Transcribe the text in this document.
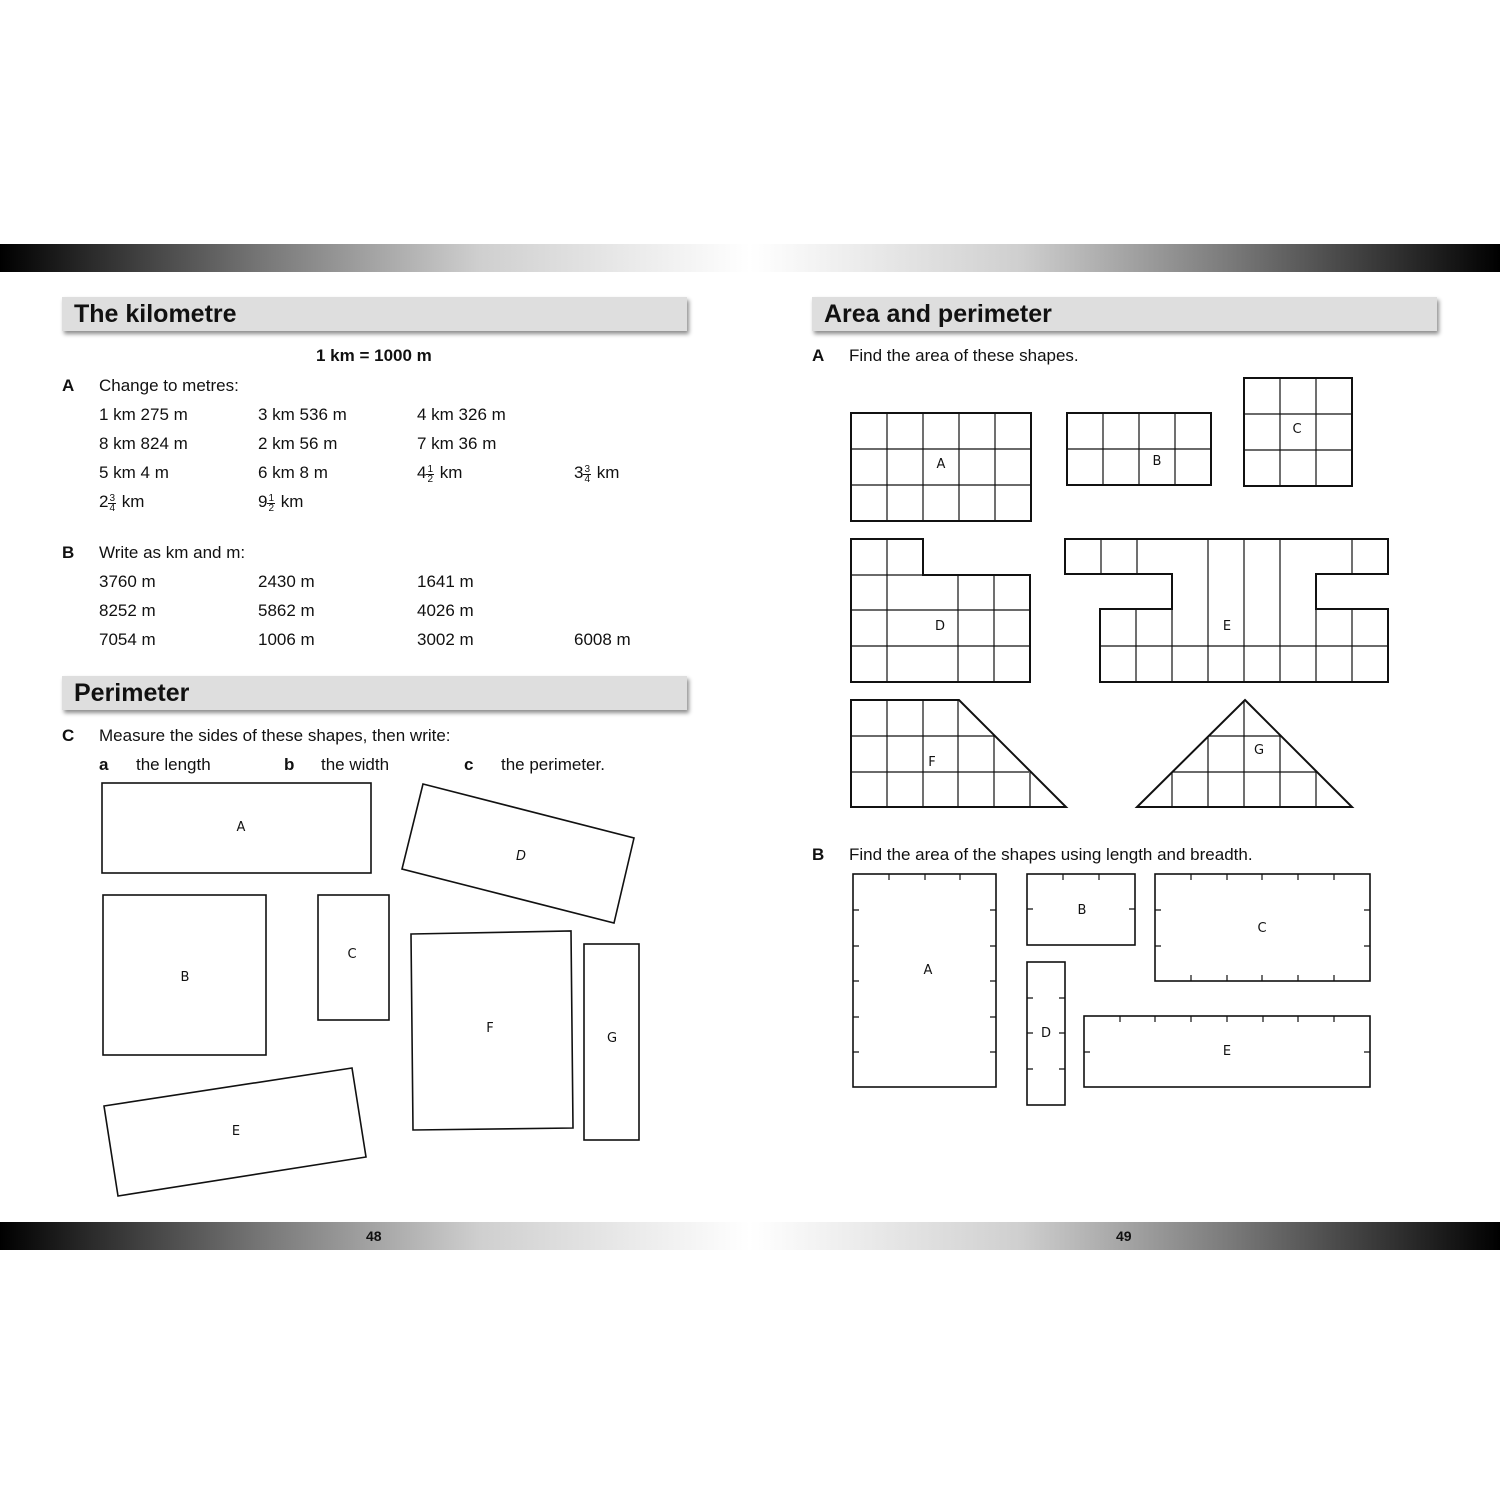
48	49
The kilometre
1 km = 1000 m
A Change to metres:
1 km 275 m	3 km 536 m	4 km 326 m
8 km 824 m	2 km 56 m	7 km 36 m
5 km 4 m	6 km 8 m	$4 \frac{1}{2}$ km	$3 \frac{3}{4}$ km
$2 \frac{3}{4}$ km	$9 \frac{1}{2}$ km
B Write as km and m:
3760 m	2430 m	1641 m
8252 m	5862 m	4026 m
7054 m	1006 m	3002 m	6008 m
Perimeter
C Measure the sides of these shapes, then write:
a the length	b the width	c the perimeter.
Area and perimeter
A Find the area of these shapes.
B Find the area of the shapes using length and breadth.
A
B
C
D
E
F
G
A	B
C
D	E
F
G
A
B
C
D
E
